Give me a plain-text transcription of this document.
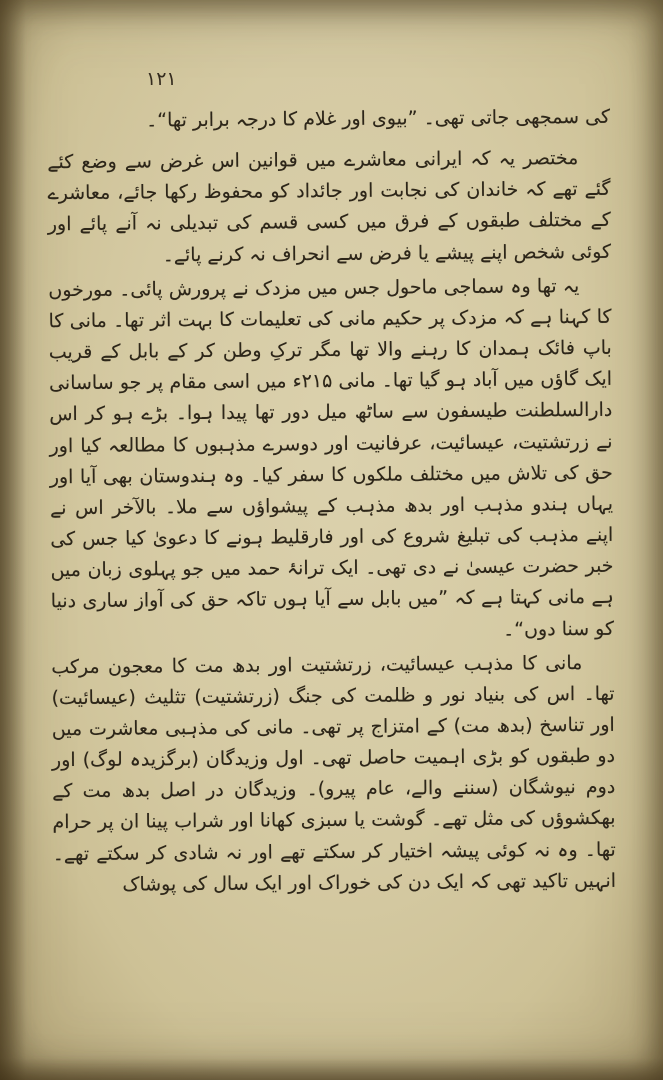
۱۲۱

کی سمجھی جاتی تھی۔ ”بیوی اور غلام کا درجہ برابر تھا“۔

مختصر یہ کہ ایرانی معاشرے میں قوانین اس غرض سے وضع کئے گئے تھے کہ خاندان کی نجابت اور جائداد کو محفوظ رکھا جائے، معاشرے کے مختلف طبقوں کے فرق میں کسی قسم کی تبدیلی نہ آنے پائے اور کوئی شخص اپنے پیشے یا فرض سے انحراف نہ کرنے پائے۔

یہ تھا وہ سماجی ماحول جس میں مزدک نے پرورش پائی۔ مورخوں کا کہنا ہے کہ مزدک پر حکیم مانی کی تعلیمات کا بہت اثر تھا۔ مانی کا باپ فائک ہمدان کا رہنے والا تھا مگر ترکِ وطن کر کے بابل کے قریب ایک گاؤں میں آباد ہو گیا تھا۔ مانی ۲۱۵ء میں اسی مقام پر جو ساسانی دارالسلطنت طیسفون سے ساٹھ میل دور تھا پیدا ہوا۔ بڑے ہو کر اس نے زرتشتیت، عیسائیت، عرفانیت اور دوسرے مذہبوں کا مطالعہ کیا اور حق کی تلاش میں مختلف ملکوں کا سفر کیا۔ وہ ہندوستان بھی آیا اور یہاں ہندو مذہب اور بدھ مذہب کے پیشواؤں سے ملا۔ بالآخر اس نے اپنے مذہب کی تبلیغ شروع کی اور فارقلیط ہونے کا دعویٰ کیا جس کی خبر حضرت عیسیٰ نے دی تھی۔ ایک ترانۂ حمد میں جو پہلوی زبان میں ہے مانی کہتا ہے کہ ”میں بابل سے آیا ہوں تاکہ حق کی آواز ساری دنیا کو سنا دوں“۔

مانی کا مذہب عیسائیت، زرتشتیت اور بدھ مت کا معجون مرکب تھا۔ اس کی بنیاد نور و ظلمت کی جنگ (زرتشتیت) تثلیث (عیسائیت) اور تناسخ (بدھ مت) کے امتزاج پر تھی۔ مانی کی مذہبی معاشرت میں دو طبقوں کو بڑی اہمیت حاصل تھی۔ اول وزیدگان (برگزیدہ لوگ) اور دوم نیوشگان (سننے والے، عام پیرو)۔ وزیدگان در اصل بدھ مت کے بھکشوؤں کی مثل تھے۔ گوشت یا سبزی کھانا اور شراب پینا ان پر حرام تھا۔ وہ نہ کوئی پیشہ اختیار کر سکتے تھے اور نہ شادی کر سکتے تھے۔ انہیں تاکید تھی کہ ایک دن کی خوراک اور ایک سال کی پوشاک
